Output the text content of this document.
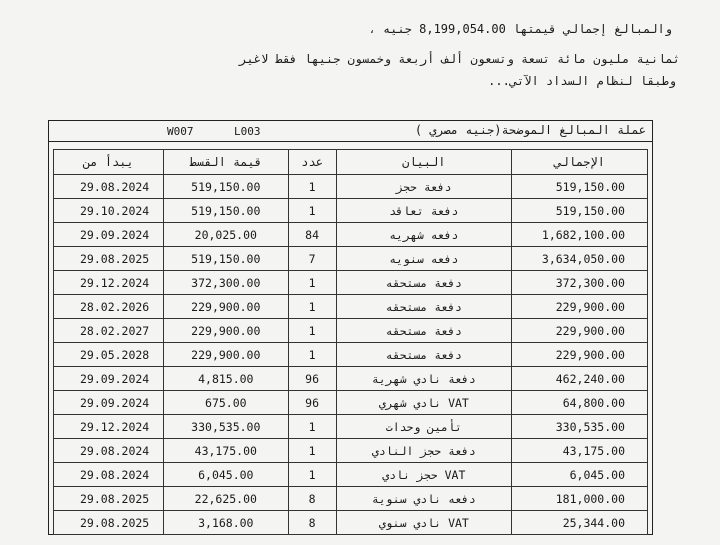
والمبالغ إجمالي قيمتها 8,199,054.00 جنيه ،
ثمانية مليون مائة تسعة وتسعون ألف أربعة وخمسون جنيها فقط لاغير
وطبقا لنظام السداد الآتي...
W007	L003	عملة المبالغ الموضحة(جنيه مصري )
يبدأ من	قيمة القسط	عدد	البيان	الإجمالي
29.08.2024	519,150.00	1	دفعة حجز	519,150.00
29.10.2024	519,150.00	1	دفعة تعاقد	519,150.00
29.09.2024	20,025.00	84	دفعه شهريه	1,682,100.00
29.08.2025	519,150.00	7	دفعه سنويه	3,634,050.00
29.12.2024	372,300.00	1	دفعة مستحقه	372,300.00
28.02.2026	229,900.00	1	دفعة مستحقه	229,900.00
28.02.2027	229,900.00	1	دفعة مستحقه	229,900.00
29.05.2028	229,900.00	1	دفعة مستحقه	229,900.00
29.09.2024	4,815.00	96	دفعة نادي شهرية	462,240.00
29.09.2024	675.00	96	VAT نادي شهري	64,800.00
29.12.2024	330,535.00	1	تأمين وحدات	330,535.00
29.08.2024	43,175.00	1	دفعة حجز النادي	43,175.00
29.08.2024	6,045.00	1	VAT حجز نادي	6,045.00
29.08.2025	22,625.00	8	دفعه نادي سنوية	181,000.00
29.08.2025	3,168.00	8	VAT نادي سنوي	25,344.00
